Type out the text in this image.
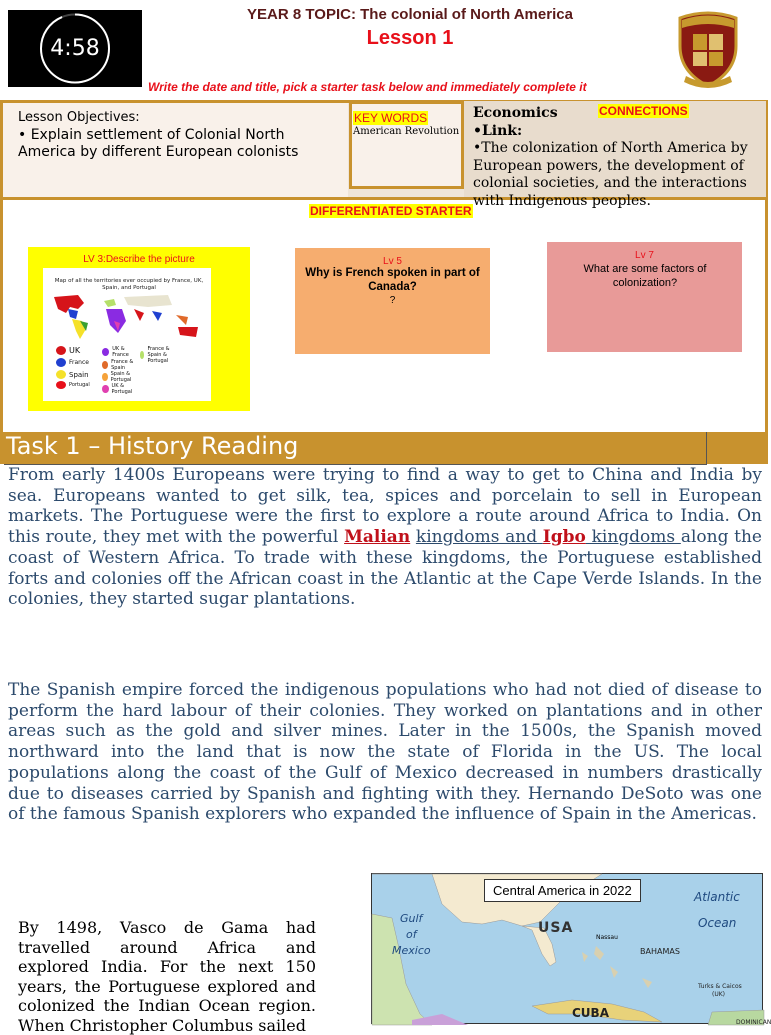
4:58
YEAR 8 TOPIC: The colonial of North America
Lesson 1
Write the date and title, pick a starter task below and immediately complete it
Lesson Objectives:
• Explain settlement of Colonial North America by different European colonists
KEY WORDS
American Revolution
Economics	CONNECTIONS
•Link:
•The colonization of North America by European powers, the development of colonial societies, and the interactions with Indigenous peoples.
DIFFERENTIATED STARTER
LV 3:Describe the picture
Map of all the territories ever occupied by France, UK, Spain, and Portugal
UK	UK & France
France & Spain & Portugal
France	France & Spain
Spain	Spain & Portugal
Portugal	UK & Portugal
Lv 5
Why is French spoken in part of Canada?
?
Lv 7
What are some factors of colonization?
Task 1 – History Reading
From early 1400s Europeans were trying to find a way to get to China and India by sea. Europeans wanted to get silk, tea, spices and porcelain to sell in European markets. The Portuguese were the first to explore a route around Africa to India. On this route, they met with the powerful Malian kingdoms and Igbo kingdoms along the coast of Western Africa. To trade with these kingdoms, the Portuguese established forts and colonies off the African coast in the Atlantic at the Cape Verde Islands. In the colonies, they started sugar plantations.
The Spanish empire forced the indigenous populations who had not died of disease to perform the hard labour of their colonies. They worked on plantations and in other areas such as the gold and silver mines. Later in the 1500s, the Spanish moved northward into the land that is now the state of Florida in the US. The local populations along the coast of the Gulf of Mexico decreased in numbers drastically due to diseases carried by Spanish and fighting with they. Hernando DeSoto was one of the famous Spanish explorers who expanded the influence of Spain in the Americas.
By 1498, Vasco de Gama had travelled around Africa and explored India. For the next 150 years, the Portuguese explored and colonized the Indian Ocean region. When Christopher Columbus sailed
Central America in 2022	Atlantic
Ocean
Gulf
of
Mexico
USA
Nassau
BAHAMAS
Turks & Caicos
(UK)
CUBA
DOMINICAN
